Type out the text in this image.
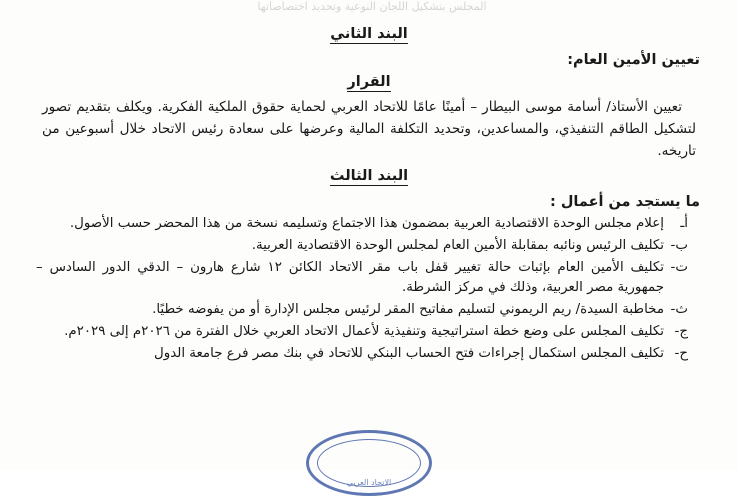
المجلس بتشكيل اللجان النوعية وتحديد اختصاصاتها
البند الثاني
تعيين الأمين العام:
القرار
تعيين الأستاذ/ أسامة موسى البيطار – أمينًا عامًا للاتحاد العربي لحماية حقوق الملكية الفكرية. ويكلف بتقديم تصور لتشكيل الطاقم التنفيذي، والمساعدين، وتحديد التكلفة المالية وعرضها على سعادة رئيس الاتحاد خلال أسبوعين من تاريخه.
البند الثالث
ما يستجد من أعمال :
أـ
إعلام مجلس الوحدة الاقتصادية العربية بمضمون هذا الاجتماع وتسليمه نسخة من هذا المحضر حسب الأصول.
ب-
تكليف الرئيس ونائبه بمقابلة الأمين العام لمجلس الوحدة الاقتصادية العربية.
ت-
تكليف الأمين العام بإثبات حالة تغيير قفل باب مقر الاتحاد الكائن ١٢ شارع هارون – الدقي الدور السادس – جمهورية مصر العربية، وذلك في مركز الشرطة.
ث-
مخاطبة السيدة/ ريم الريموني لتسليم مفاتيح المقر لرئيس مجلس الإدارة أو من يفوضه خطيًا.
ج-
تكليف المجلس على وضع خطة استراتيجية وتنفيذية لأعمال الاتحاد العربي خلال الفترة من ٢٠٢٦م إلى ٢٠٢٩م.
ح-
تكليف المجلس استكمال إجراءات فتح الحساب البنكي للاتحاد في بنك مصر فرع جامعة الدول
الاتحاد العربي
